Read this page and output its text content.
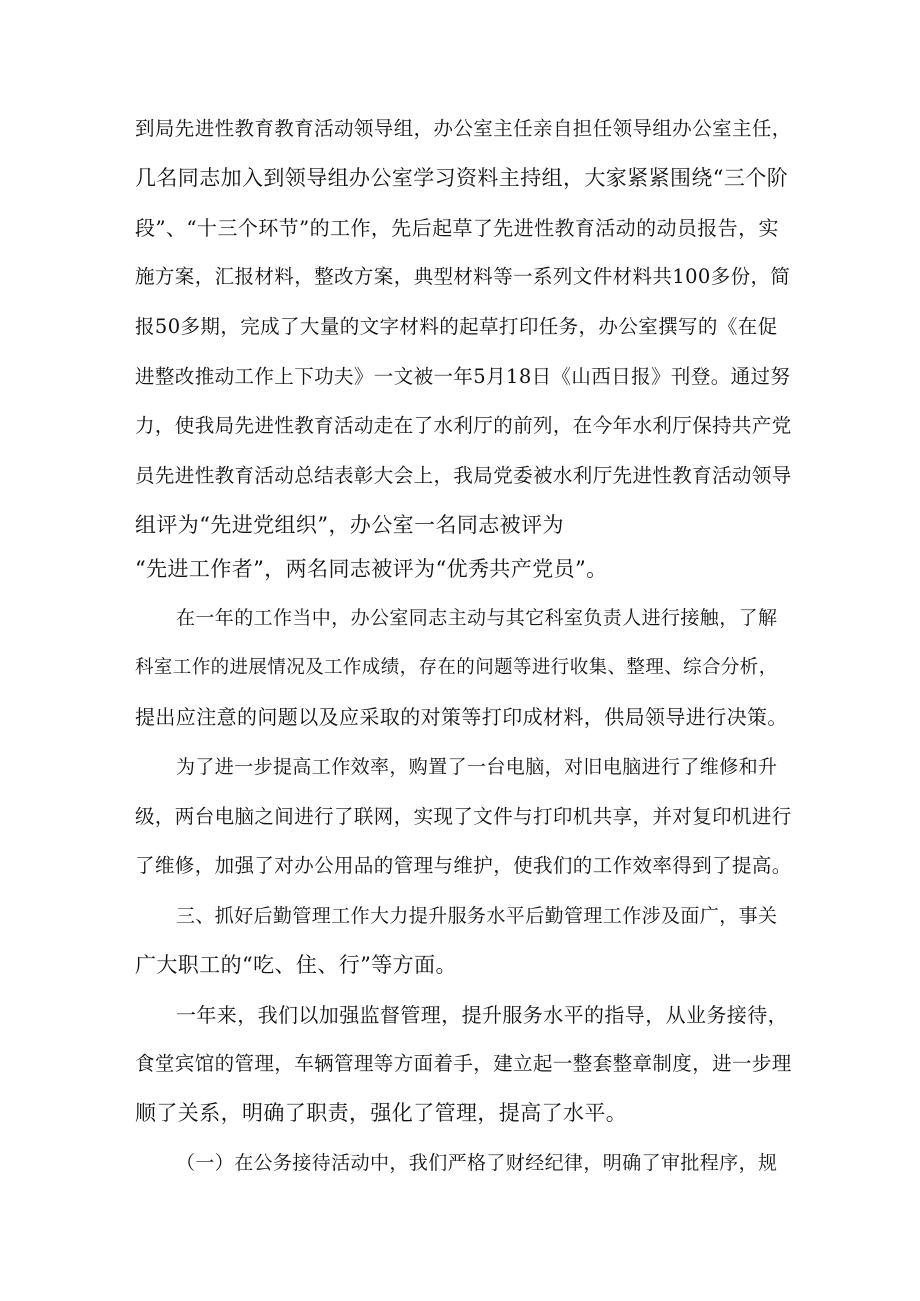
到局先进性教育教育活动领导组，办公室主任亲自担任领导组办公室主任，
几名同志加入到领导组办公室学习资料主持组，大家紧紧围绕“三个阶
段”、“十三个环节”的工作，先后起草了先进性教育活动的动员报告，实
施方案，汇报材料，整改方案，典型材料等一系列文件材料共100多份，简
报50多期，完成了大量的文字材料的起草打印任务，办公室撰写的《在促
进整改推动工作上下功夫》一文被一年5月18日《山西日报》刊登。通过努
力，使我局先进性教育活动走在了水利厅的前列，在今年水利厅保持共产党
员先进性教育活动总结表彰大会上，我局党委被水利厅先进性教育活动领导
组评为“先进党组织”，办公室一名同志被评为
“先进工作者”，两名同志被评为“优秀共产党员”。
在一年的工作当中，办公室同志主动与其它科室负责人进行接触，了解
科室工作的进展情况及工作成绩，存在的问题等进行收集、整理、综合分析，
提出应注意的问题以及应采取的对策等打印成材料，供局领导进行决策。
为了进一步提高工作效率，购置了一台电脑，对旧电脑进行了维修和升
级，两台电脑之间进行了联网，实现了文件与打印机共享，并对复印机进行
了维修，加强了对办公用品的管理与维护，使我们的工作效率得到了提高。
三、抓好后勤管理工作大力提升服务水平后勤管理工作涉及面广，事关
广大职工的“吃、住、行”等方面。
一年来，我们以加强监督管理，提升服务水平的指导，从业务接待，
食堂宾馆的管理，车辆管理等方面着手，建立起一整套整章制度，进一步理
顺了关系，明确了职责，强化了管理，提高了水平。
（一）在公务接待活动中，我们严格了财经纪律，明确了审批程序，规
